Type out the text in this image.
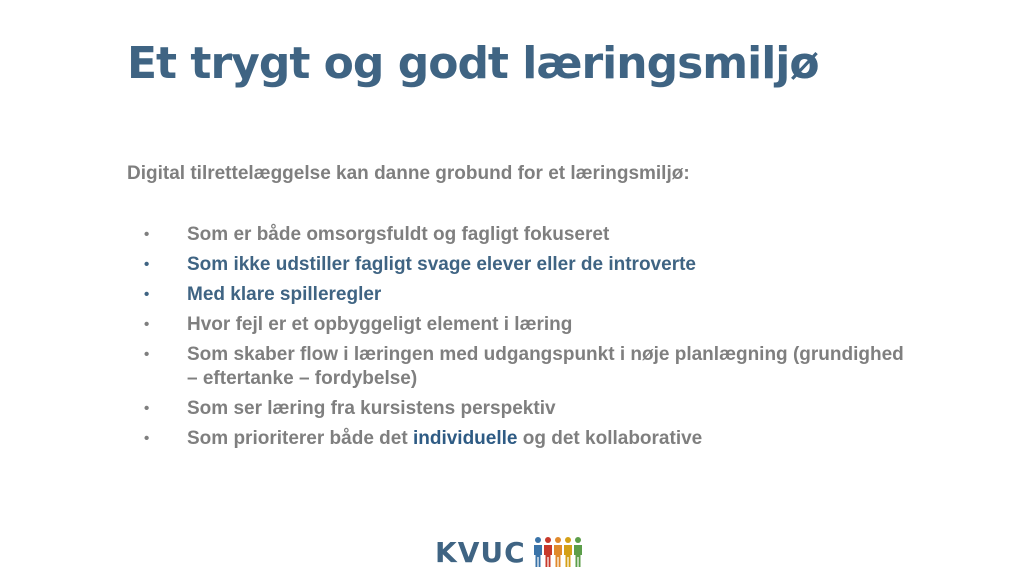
Et trygt og godt læringsmiljø

Digital tilrettelæggelse kan danne grobund for et læringsmiljø:

• Som er både omsorgsfuldt og fagligt fokuseret
• Som ikke udstiller fagligt svage elever eller de introverte
• Med klare spilleregler
• Hvor fejl er et opbyggeligt element i læring
• Som skaber flow i læringen med udgangspunkt i nøje planlægning (grundighed – eftertanke – fordybelse)
• Som ser læring fra kursistens perspektiv
• Som prioriterer både det individuelle og det kollaborative
KVUC
